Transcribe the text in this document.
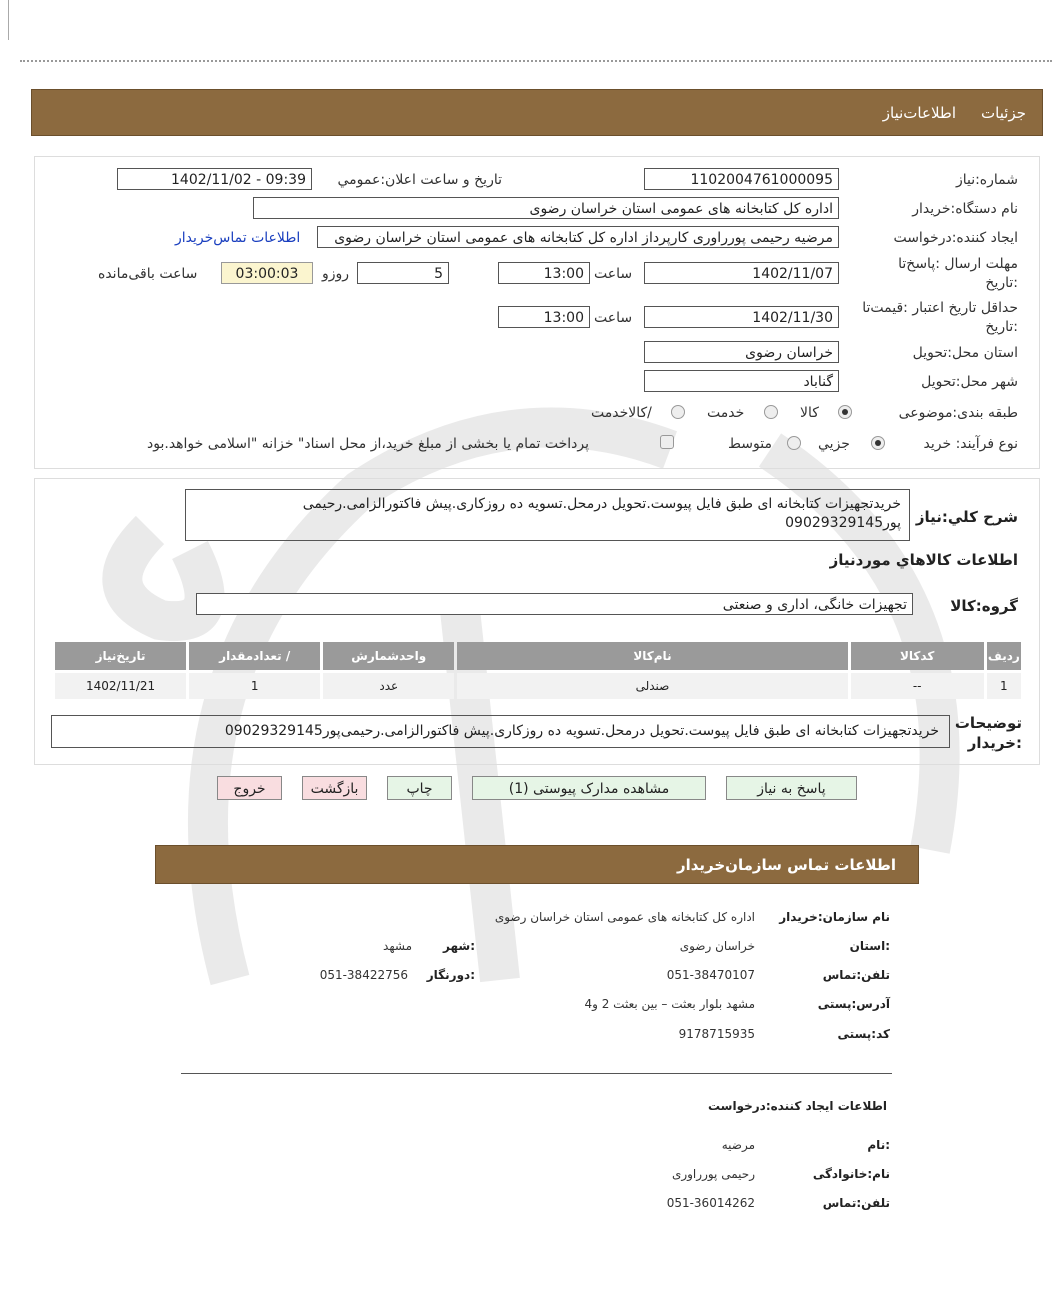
جزئیات
اطلاعات‌نیاز
شماره:نیاز
1102004761000095
تاریخ و ساعت اعلان:عمومي
1402/11/02 - 09:39
نام دستگاه:خریدار
اداره کل کتابخانه های عمومی استان خراسان رضوی
ایجاد کننده:درخواست
مرضیه رحیمی پورراوری کارپرداز اداره کل کتابخانه های عمومی استان خراسان رضوی
اطلاعات تماس‌خریدار
مهلت ارسال :پاسخ‌تا
:تاریخ
1402/11/07
ساعت
13:00
5
روزو
03:00:03
ساعت باقی‌مانده
حداقل تاریخ اعتبار :قیمت‌تا
:تاریخ
1402/11/30
ساعت
13:00
استان محل:تحویل
خراسان رضوی
شهر محل:تحویل
گناباد
طبقه بندی:موضوعی
کالا
خدمت
/کالاخدمت
نوع فرآیند: خرید
جزيي
متوسط
پرداخت تمام یا بخشی از مبلغ خرید،از محل اسناد" خزانه "اسلامی خواهد.بود
شرح کلي:نیاز
خریدتجهیزات کتابخانه ای طبق فایل پیوست.تحویل درمحل.تسویه ده روزکاری.پیش فاکتورالزامی.رحیمی
پور09029329145
اطلاعات کالاهاي موردنیاز
گروه:کالا
تجهیزات خانگی، اداری و صنعتی
ردیف	کدکالا	نام‌کالا	واحدشمارش	/ تعدادمقدار	تاریخ‌نیاز
1	--	صندلی	عدد	1	1402/11/21
توضیحات
:خریدار
خریدتجهیزات کتابخانه ای طبق فایل پیوست.تحویل درمحل.تسویه ده روزکاری.پیش فاکتورالزامی.رحیمی‌پور09029329145
پاسخ به نیاز
مشاهده مدارک پیوستی (1)
چاپ
بازگشت
خروج
اطلاعات تماس سازمان‌خریدار
نام سازمان:خریدار
اداره کل کتابخانه های عمومی استان خراسان رضوی
:استان
خراسان رضوی
:شهر
مشهد
تلفن:تماس
051-38470107
:دورنگار
051-38422756
آدرس:پستی
مشهد بلوار بعثت – بین بعثت 2 و4
کد:پستی
9178715935
اطلاعات ایجاد کننده:درخواست
:نام
مرضیه
نام:خانوادگی
رحیمی پورراوری
تلفن:تماس
051-36014262
